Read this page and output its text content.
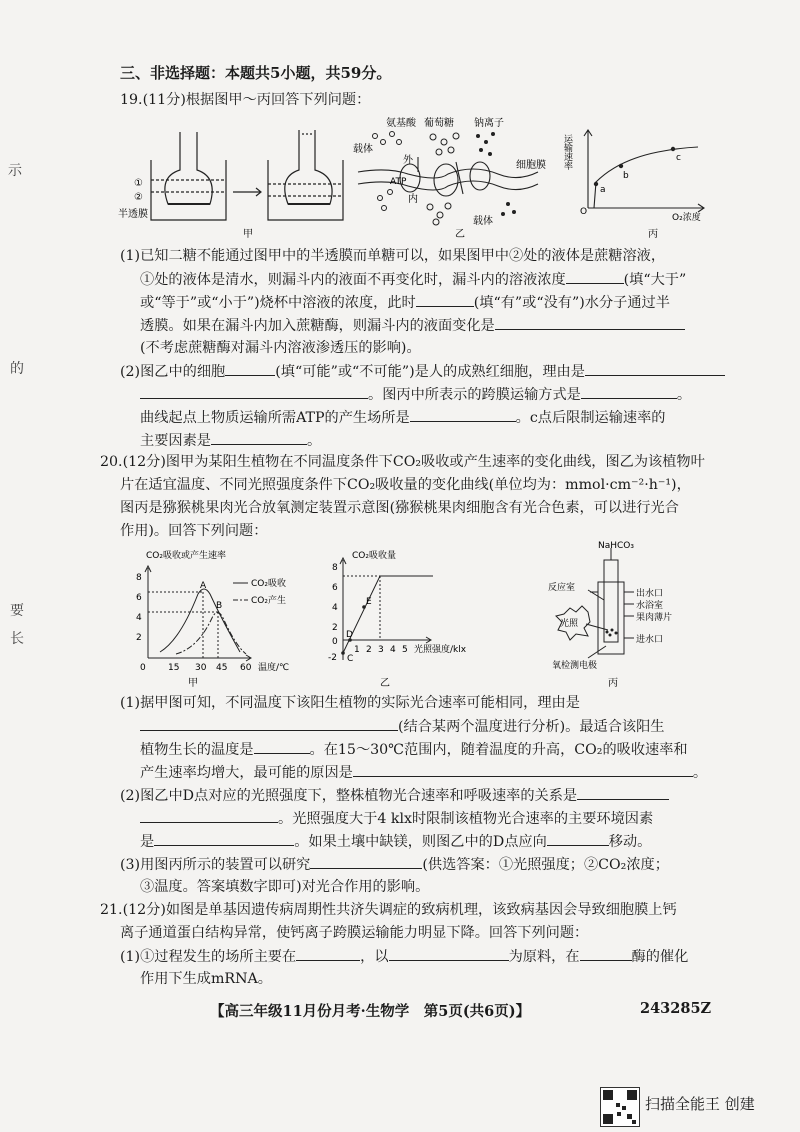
示
的
要
长
三、非选择题：本题共5小题，共59分。
19.(11分)根据图甲～丙回答下列问题：
①
②
半透膜
甲
氨基酸 葡萄糖 钠离子
载体
外
ATP
内
细胞膜
载体
乙
运输速率
O
O₂浓度
a
b
c
丙
(1)已知二糖不能通过图甲中的半透膜而单糖可以，如果图甲中②处的液体是蔗糖溶液，
①处的液体是清水，则漏斗内的液面不再变化时，漏斗内的溶液浓度	(填“大于”
或“等于”或“小于”)烧杯中溶液的浓度，此时	(填“有”或“没有”)水分子通过半
透膜。如果在漏斗内加入蔗糖酶，则漏斗内的液面变化是
(不考虑蔗糖酶对漏斗内溶液渗透压的影响)。
(2)图乙中的细胞	(填“可能”或“不可能”)是人的成熟红细胞，理由是
。图丙中所表示的跨膜运输方式是	。
曲线起点上物质运输所需ATP的产生场所是	。c点后限制运输速率的
主要因素是	。
20.(12分)图甲为某阳生植物在不同温度条件下CO₂吸收或产生速率的变化曲线，图乙为该植物叶
片在适宜温度、不同光照强度条件下CO₂吸收量的变化曲线(单位均为：mmol·cm⁻²·h⁻¹)，
图丙是猕猴桃果肉光合放氧测定装置示意图(猕猴桃果肉细胞含有光合色素，可以进行光合
作用)。回答下列问题：
CO₂吸收或产生速率
8
6
4
2
0 15 30 45 60 温度/℃
A
B
CO₂吸收
CO₂产生
甲
CO₂吸收量
8
6
4
2
0
-2
1 2 3 4 5 光照强度/klx
C
D
E
乙
NaHCO₃
反应室
光照
出水口
水浴室
果肉薄片
进水口
氧检测电极
丙
(1)据甲图可知，不同温度下该阳生植物的实际光合速率可能相同，理由是
(结合某两个温度进行分析)。最适合该阳生
植物生长的温度是	。在15～30℃范围内，随着温度的升高，CO₂的吸收速率和
产生速率均增大，最可能的原因是	。
(2)图乙中D点对应的光照强度下，整株植物光合速率和呼吸速率的关系是
。光照强度大于4 klx时限制该植物光合速率的主要环境因素
是	。如果土壤中缺镁，则图乙中的D点应向	移动。
(3)用图丙所示的装置可以研究	(供选答案：①光照强度；②CO₂浓度；
③温度。答案填数字即可)对光合作用的影响。
21.(12分)如图是单基因遗传病周期性共济失调症的致病机理，该致病基因会导致细胞膜上钙
离子通道蛋白结构异常，使钙离子跨膜运输能力明显下降。回答下列问题：
(1)①过程发生的场所主要在	，以	为原料，在	酶的催化
作用下生成mRNA。
【高三年级11月份月考·生物学　第5页(共6页)】	243285Z
扫描全能王 创建
